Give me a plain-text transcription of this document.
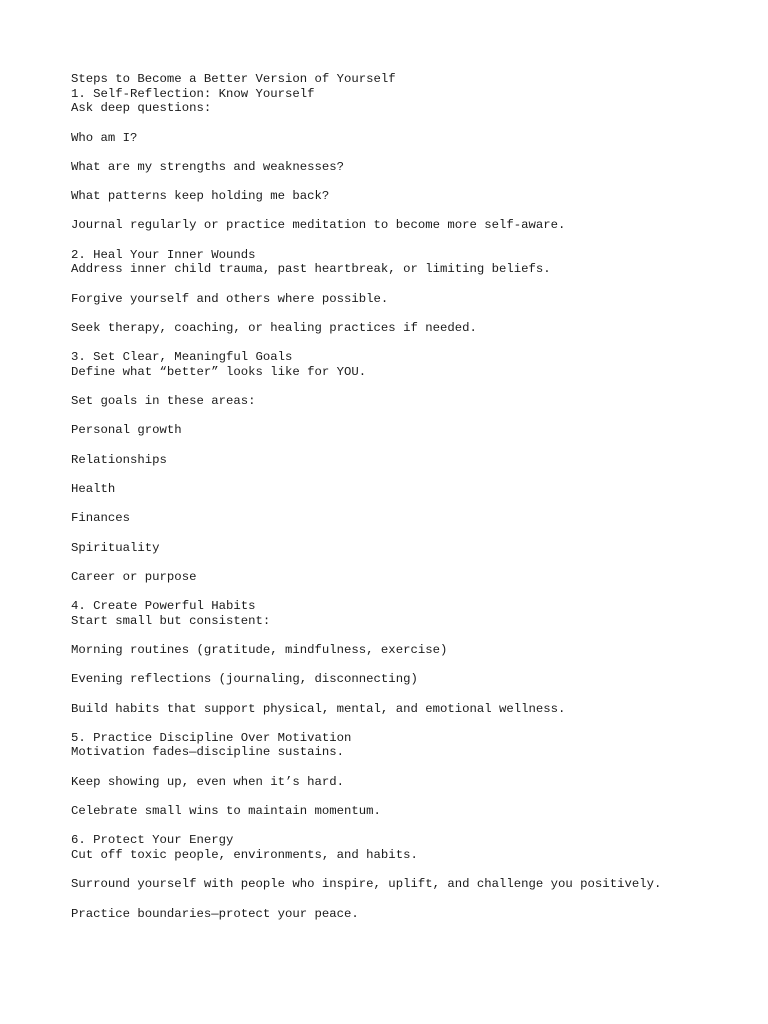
Steps to Become a Better Version of Yourself
1. Self-Reflection: Know Yourself
Ask deep questions:
Who am I?
What are my strengths and weaknesses?
What patterns keep holding me back?
Journal regularly or practice meditation to become more self-aware.
2. Heal Your Inner Wounds
Address inner child trauma, past heartbreak, or limiting beliefs.
Forgive yourself and others where possible.
Seek therapy, coaching, or healing practices if needed.
3. Set Clear, Meaningful Goals
Define what “better” looks like for YOU.
Set goals in these areas:
Personal growth
Relationships
Health
Finances
Spirituality
Career or purpose
4. Create Powerful Habits
Start small but consistent:
Morning routines (gratitude, mindfulness, exercise)
Evening reflections (journaling, disconnecting)
Build habits that support physical, mental, and emotional wellness.
5. Practice Discipline Over Motivation
Motivation fades—discipline sustains.
Keep showing up, even when it’s hard.
Celebrate small wins to maintain momentum.
6. Protect Your Energy
Cut off toxic people, environments, and habits.
Surround yourself with people who inspire, uplift, and challenge you positively.
Practice boundaries—protect your peace.
